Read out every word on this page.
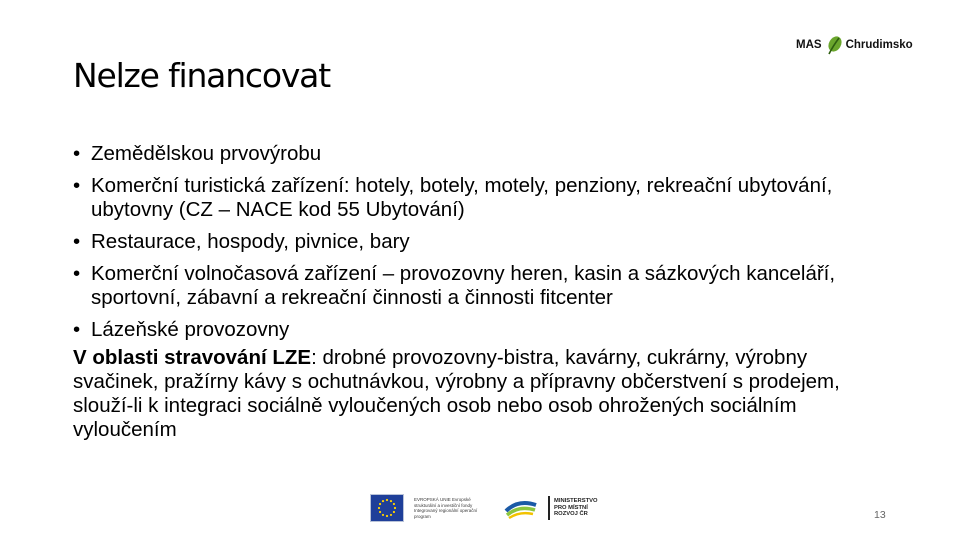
MAS Chrudimsko
Nelze financovat
• Zemědělskou prvovýrobu
• Komerční turistická zařízení: hotely, botely, motely, penziony, rekreační ubytování, ubytovny (CZ – NACE kod 55 Ubytování)
• Restaurace, hospody, pivnice, bary
• Komerční volnočasová zařízení – provozovny heren, kasin a sázkových kanceláří, sportovní, zábavní a rekreační činnosti a činnosti fitcenter
• Lázeňské provozovny

V oblasti stravování LZE: drobné provozovny-bistra, kavárny, cukrárny, výrobny svačinek, pražírny kávy s ochutnávkou, výrobny a přípravny občerstvení s prodejem, slouží-li k integraci sociálně vyloučených osob nebo osob ohrožených sociálním vyloučením

EVROPSKÁ UNIE Evropské strukturální a investiční fondy Integrovaný regionální operační program
MINISTERSTVO PRO MÍSTNÍ ROZVOJ ČR	13
